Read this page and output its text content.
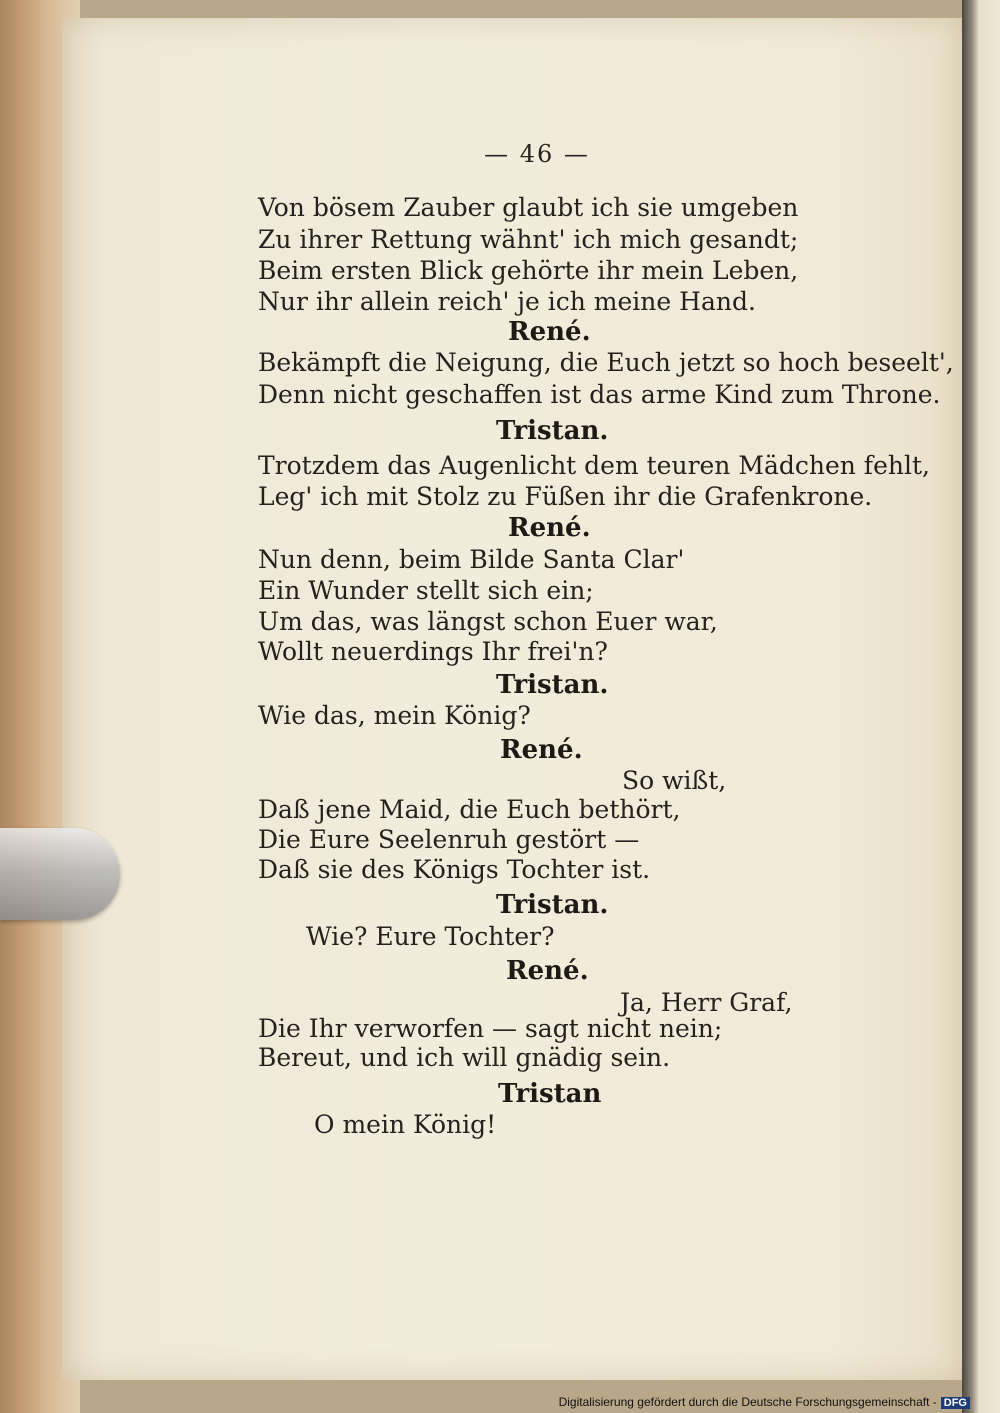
— 46 —
Von bösem Zauber glaubt ich sie umgeben
Zu ihrer Rettung wähnt' ich mich gesandt;
Beim ersten Blick gehörte ihr mein Leben,
Nur ihr allein reich' je ich meine Hand.
René.
Bekämpft die Neigung, die Euch jetzt so hoch beseelt',
Denn nicht geschaffen ist das arme Kind zum Throne.
Tristan.
Trotzdem das Augenlicht dem teuren Mädchen fehlt,
Leg' ich mit Stolz zu Füßen ihr die Grafenkrone.
René.
Nun denn, beim Bilde Santa Clar'
Ein Wunder stellt sich ein;
Um das, was längst schon Euer war,
Wollt neuerdings Ihr frei'n?
Tristan.
Wie das, mein König?
René.
So wißt,
Daß jene Maid, die Euch bethört,
Die Eure Seelenruh gestört —
Daß sie des Königs Tochter ist.
Tristan.
Wie? Eure Tochter?
René.
Ja, Herr Graf,
Die Ihr verworfen — sagt nicht nein;
Bereut, und ich will gnädig sein.
Tristan
O mein König!
Digitalisierung gefördert durch die Deutsche Forschungsgemeinschaft - DFG
